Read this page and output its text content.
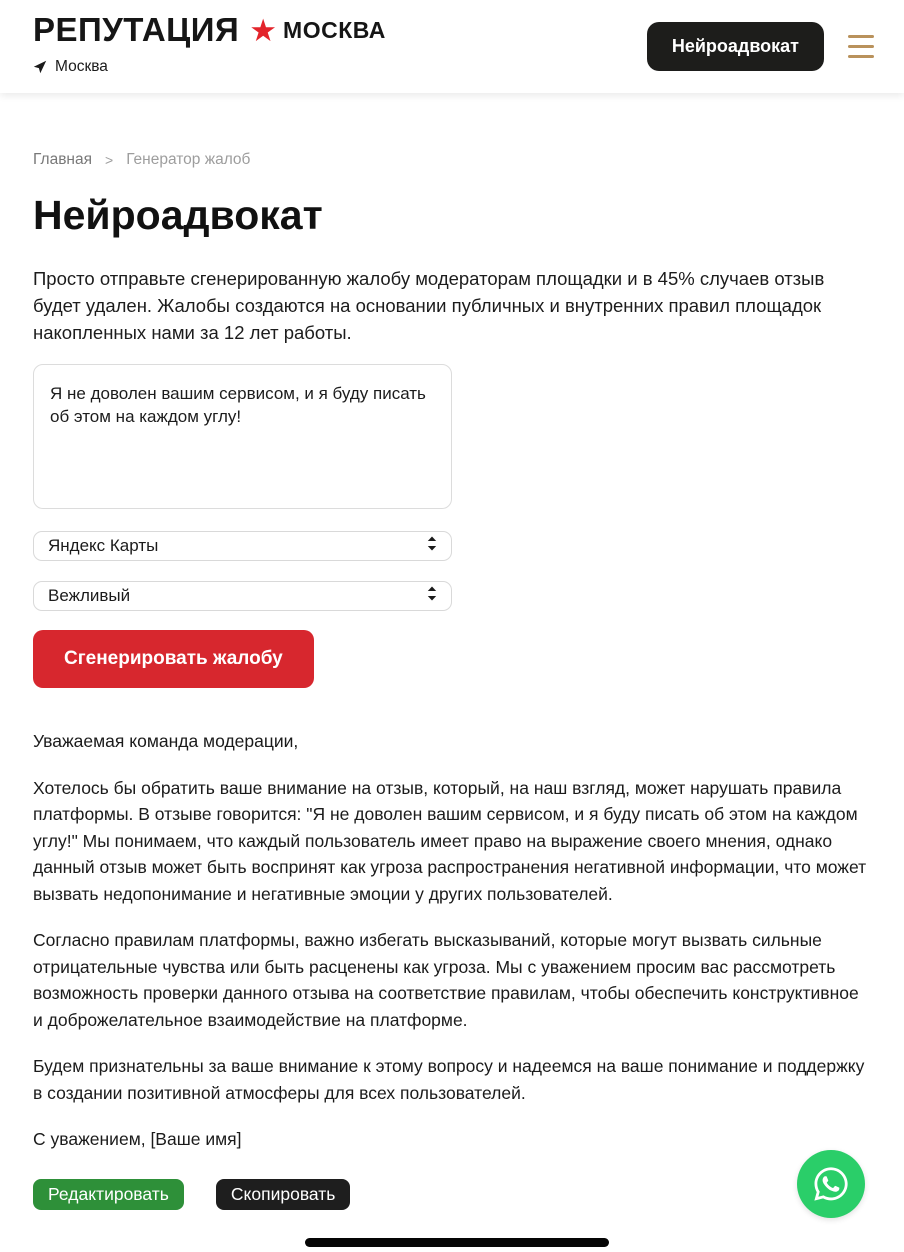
РЕПУТАЦИЯ ★ МОСКВА
Москва
Нейроадвокат
Главная > Генератор жалоб
Нейроадвокат

Просто отправьте сгенерированную жалобу модераторам площадки и в 45% случаев отзыв будет удален. Жалобы создаются на основании публичных и внутренних правил площадок накопленных нами за 12 лет работы.

Я не доволен вашим сервисом, и я буду писать об этом на каждом углу!
Яндекс Карты
Вежливый
Сгенерировать жалобу

Уважаемая команда модерации,

Хотелось бы обратить ваше внимание на отзыв, который, на наш взгляд, может нарушать правила платформы. В отзыве говорится: "Я не доволен вашим сервисом, и я буду писать об этом на каждом углу!" Мы понимаем, что каждый пользователь имеет право на выражение своего мнения, однако данный отзыв может быть воспринят как угроза распространения негативной информации, что может вызвать недопонимание и негативные эмоции у других пользователей.

Согласно правилам платформы, важно избегать высказываний, которые могут вызвать сильные отрицательные чувства или быть расценены как угроза. Мы с уважением просим вас рассмотреть возможность проверки данного отзыва на соответствие правилам, чтобы обеспечить конструктивное и доброжелательное взаимодействие на платформе.

Будем признательны за ваше внимание к этому вопросу и надеемся на ваше понимание и поддержку в создании позитивной атмосферы для всех пользователей.

С уважением, [Ваше имя]

Редактировать	Скопировать
